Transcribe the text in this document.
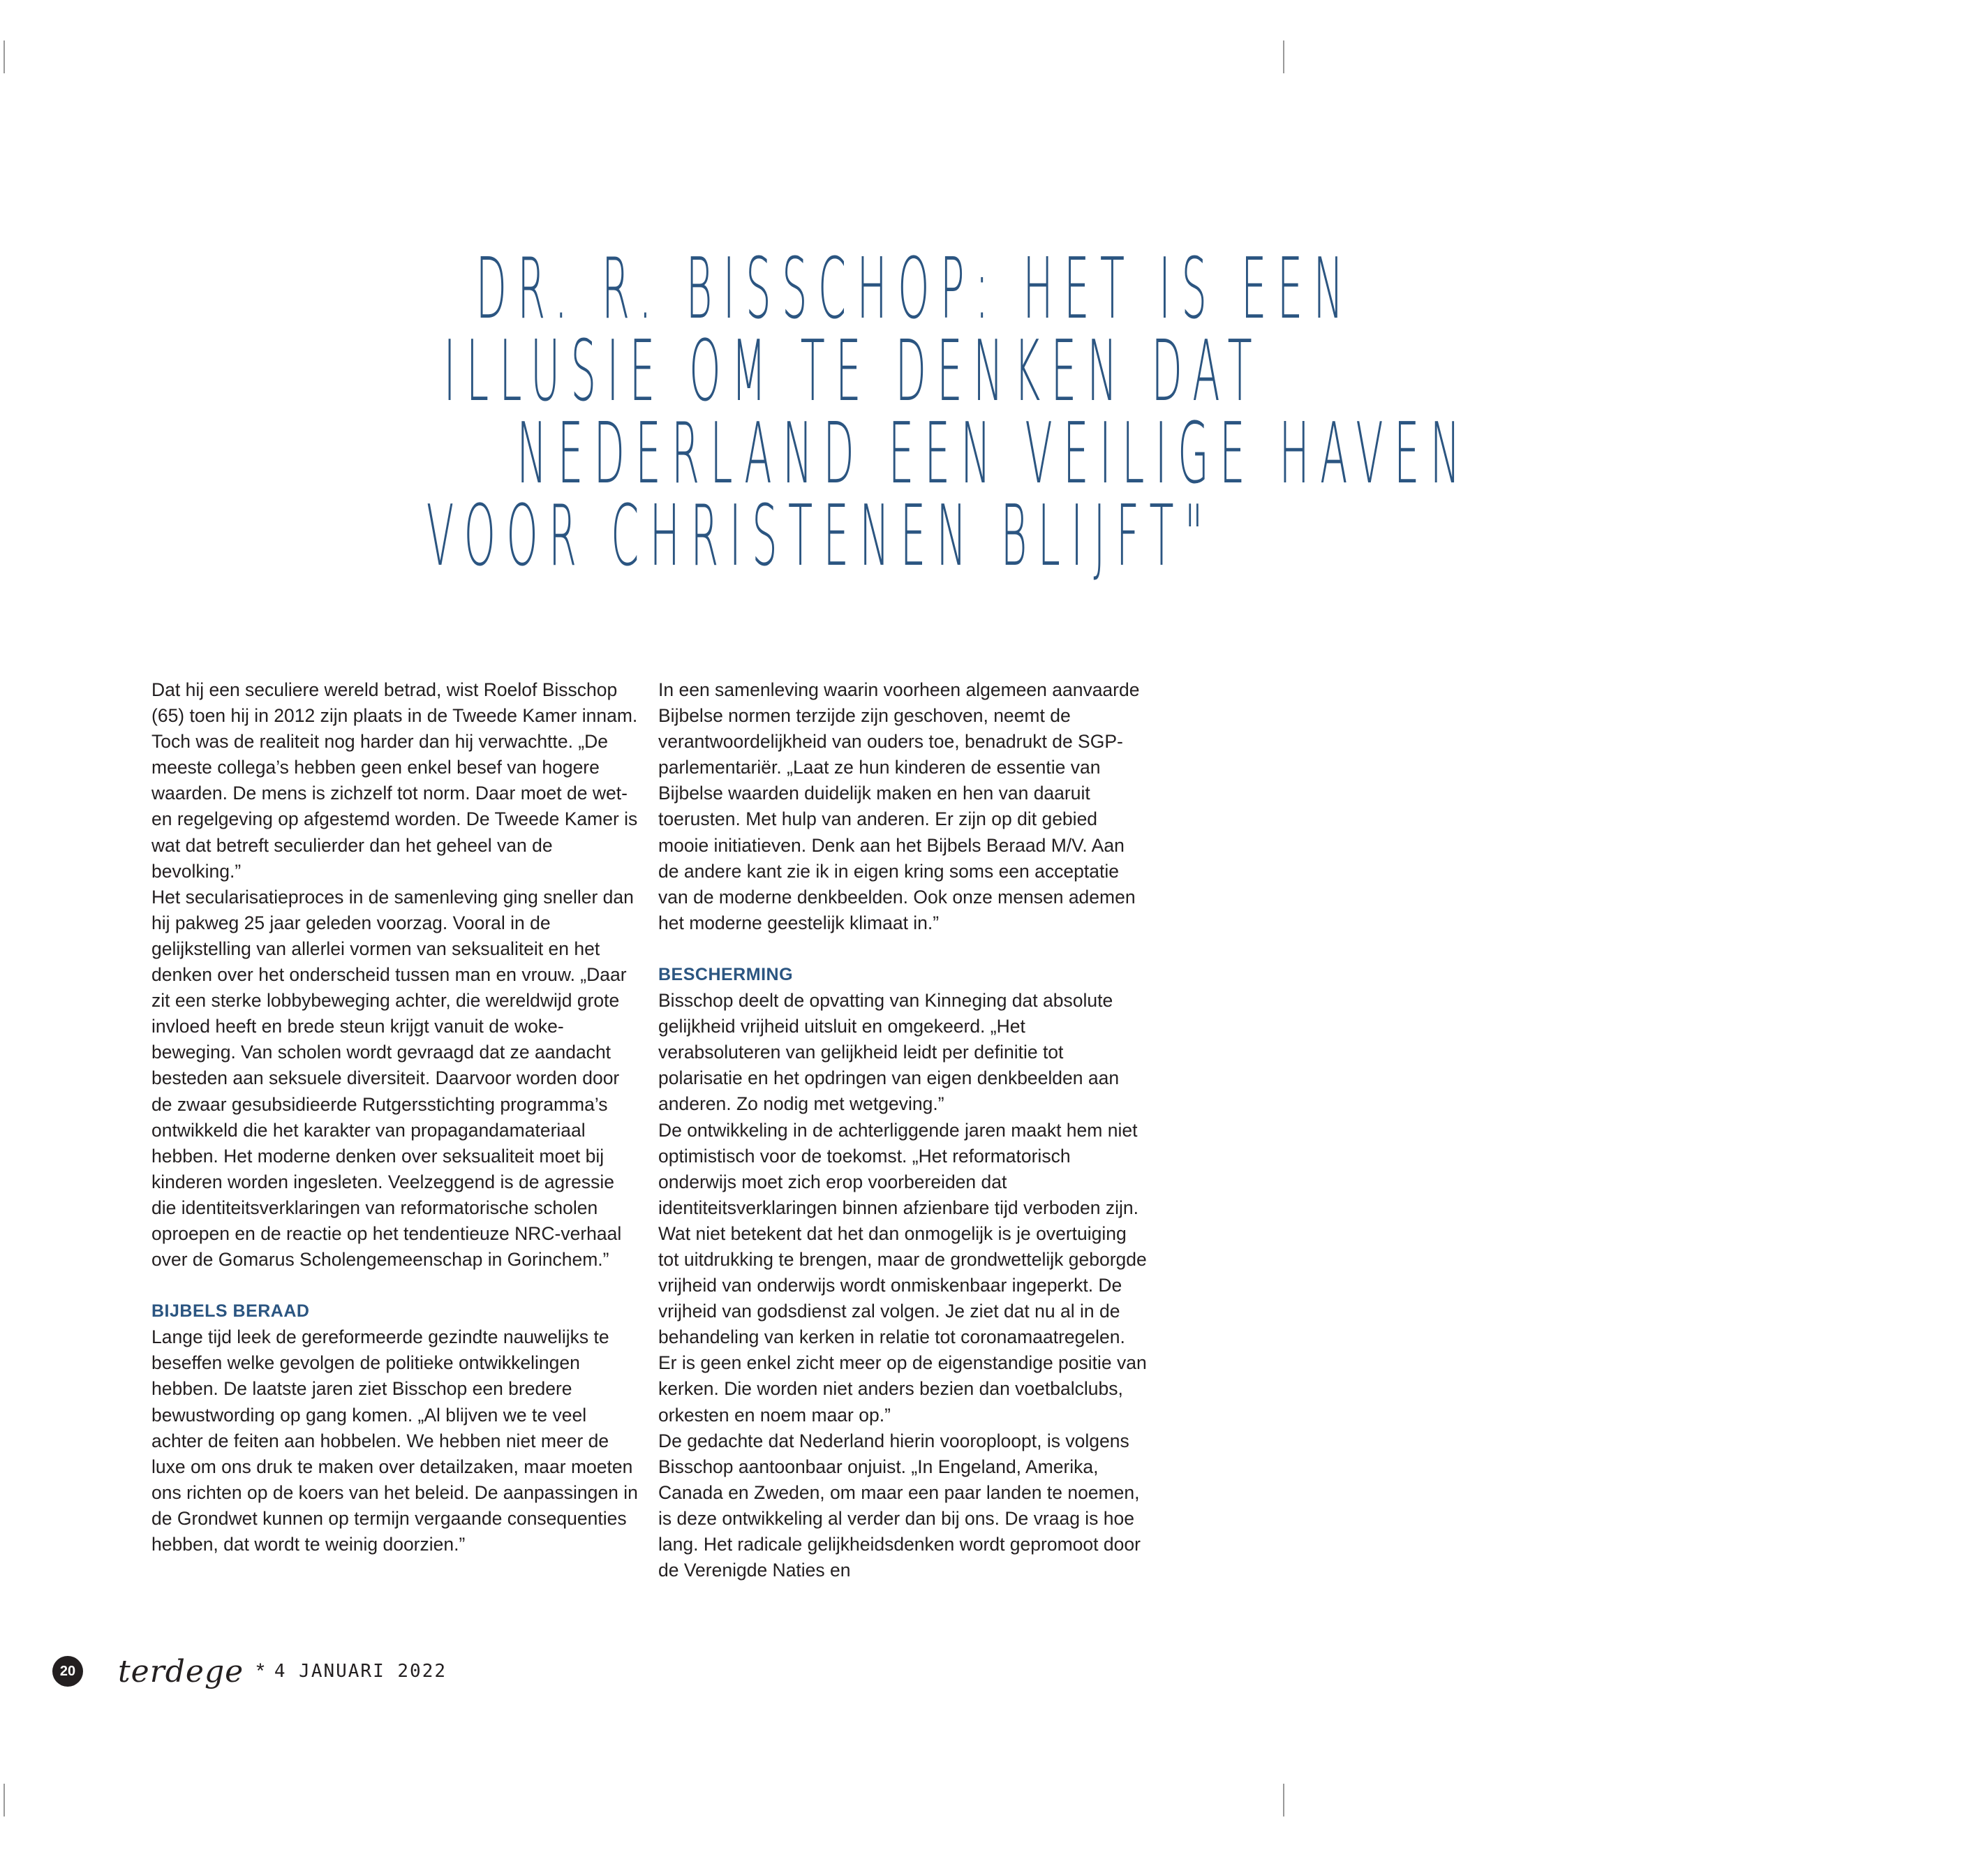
DR. R. BISSCHOP: HET IS EEN
ILLUSIE OM TE DENKEN DAT
NEDERLAND EEN VEILIGE HAVEN
VOOR CHRISTENEN BLIJFT"

Dat hij een seculiere wereld betrad, wist Roelof Bisschop (65) toen hij in 2012 zijn plaats in de Tweede Kamer innam. Toch was de realiteit nog harder dan hij verwachtte. „De meeste collega’s hebben geen enkel besef van hogere waarden. De mens is zichzelf tot norm. Daar moet de wet- en regelgeving op afgestemd worden. De Tweede Kamer is wat dat betreft seculierder dan het geheel van de bevolking.”

Het secularisatieproces in de samenleving ging sneller dan hij pakweg 25 jaar geleden voorzag. Vooral in de gelijkstelling van allerlei vormen van seksualiteit en het denken over het onderscheid tussen man en vrouw. „Daar zit een sterke lobbybeweging achter, die wereldwijd grote invloed heeft en brede steun krijgt vanuit de woke-beweging. Van scholen wordt gevraagd dat ze aandacht besteden aan seksuele diversiteit. Daarvoor worden door de zwaar gesubsidieerde Rutgersstichting programma’s ontwikkeld die het karakter van propagandamateriaal hebben. Het moderne denken over seksualiteit moet bij kinderen worden ingesleten. Veelzeggend is de agressie die identiteitsverklaringen van reformatorische scholen oproepen en de reactie op het tendentieuze NRC-verhaal over de Gomarus Scholengemeenschap in Gorinchem.”

BIJBELS BERAAD

Lange tijd leek de gereformeerde gezindte nauwelijks te beseffen welke gevolgen de politieke ontwikkelingen hebben. De laatste jaren ziet Bisschop een bredere bewustwording op gang komen. „Al blijven we te veel achter de feiten aan hobbelen. We hebben niet meer de luxe om ons druk te maken over detailzaken, maar moeten ons richten op de koers van het beleid. De aanpassingen in de Grondwet kunnen op termijn vergaande consequenties hebben, dat wordt te weinig doorzien.”

In een samenleving waarin voorheen algemeen aanvaarde Bijbelse normen terzijde zijn geschoven, neemt de verantwoordelijkheid van ouders toe, benadrukt de SGP-parlementariër. „Laat ze hun kinderen de essentie van Bijbelse waarden duidelijk maken en hen van daaruit toerusten. Met hulp van anderen. Er zijn op dit gebied mooie initiatieven. Denk aan het Bijbels Beraad M/V. Aan de andere kant zie ik in eigen kring soms een acceptatie van de moderne denkbeelden. Ook onze mensen ademen het moderne geestelijk klimaat in.”

BESCHERMING

Bisschop deelt de opvatting van Kinneging dat absolute gelijkheid vrijheid uitsluit en omgekeerd. „Het verabsoluteren van gelijkheid leidt per definitie tot polarisatie en het opdringen van eigen denkbeelden aan anderen. Zo nodig met wetgeving.”

De ontwikkeling in de achterliggende jaren maakt hem niet optimistisch voor de toekomst. „Het reformatorisch onderwijs moet zich erop voorbereiden dat identiteitsverklaringen binnen afzienbare tijd verboden zijn. Wat niet betekent dat het dan onmogelijk is je overtuiging tot uitdrukking te brengen, maar de grondwettelijk geborgde vrijheid van onderwijs wordt onmiskenbaar ingeperkt. De vrijheid van godsdienst zal volgen. Je ziet dat nu al in de behandeling van kerken in relatie tot coronamaatregelen. Er is geen enkel zicht meer op de eigenstandige positie van kerken. Die worden niet anders bezien dan voetbalclubs, orkesten en noem maar op.”

De gedachte dat Nederland hierin vooroploopt, is volgens Bisschop aantoonbaar onjuist. „In Engeland, Amerika, Canada en Zweden, om maar een paar landen te noemen, is deze ontwikkeling al verder dan bij ons. De vraag is hoe lang. Het radicale gelijkheidsdenken wordt gepromoot door de Verenigde Naties en

20 terdege * 4 JANUARI 2022
